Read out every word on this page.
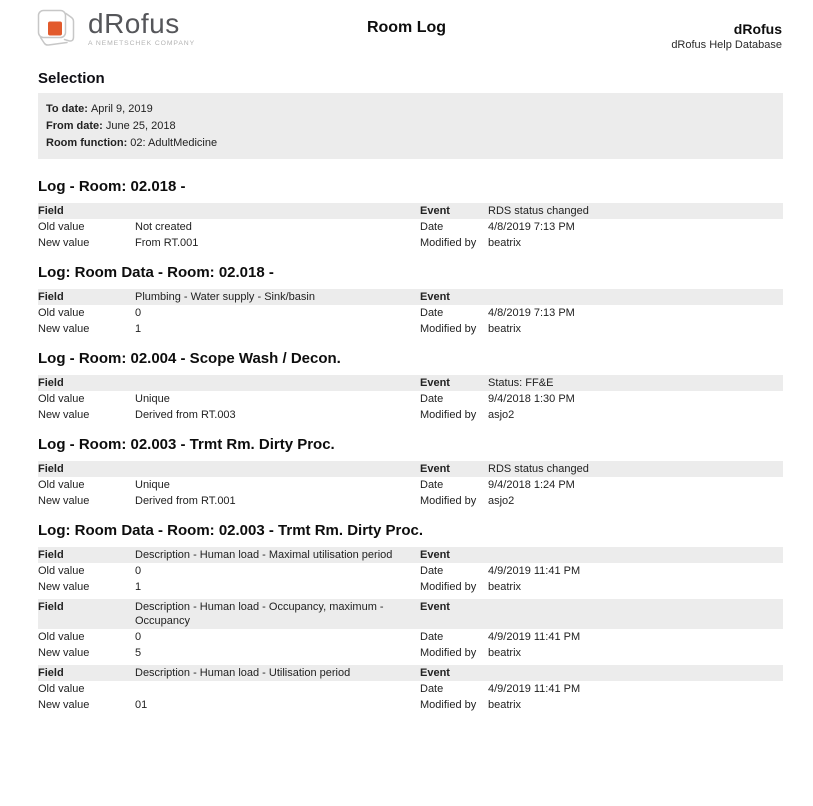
dRofus
A NEMETSCHEK COMPANY
Room Log	dRofus
dRofus Help Database
Selection
To date: April 9, 2019
From date: June 25, 2018
Room function: 02: AdultMedicine
Log - Room: 02.018 -
Field		Event	RDS status changed
Old value	Not created	Date	4/8/2019 7:13 PM
New value	From RT.001	Modified by	beatrix
Log: Room Data - Room: 02.018 -
Field	Plumbing - Water supply - Sink/basin	Event	
Old value	0	Date	4/8/2019 7:13 PM
New value	1	Modified by	beatrix
Log - Room: 02.004 - Scope Wash / Decon.
Field		Event	Status: FF&E
Old value	Unique	Date	9/4/2018 1:30 PM
New value	Derived from RT.003	Modified by	asjo2
Log - Room: 02.003 - Trmt Rm. Dirty Proc.
Field		Event	RDS status changed
Old value	Unique	Date	9/4/2018 1:24 PM
New value	Derived from RT.001	Modified by	asjo2
Log: Room Data - Room: 02.003 - Trmt Rm. Dirty Proc.
Field	Description - Human load - Maximal utilisation period	Event	
Old value	0	Date	4/9/2019 11:41 PM
New value	1	Modified by	beatrix
Field	Description - Human load - Occupancy, maximum - Occupancy	Event	
Old value	0	Date	4/9/2019 11:41 PM
New value	5	Modified by	beatrix
Field	Description - Human load - Utilisation period	Event	
Old value		Date	4/9/2019 11:41 PM
New value	01	Modified by	beatrix
